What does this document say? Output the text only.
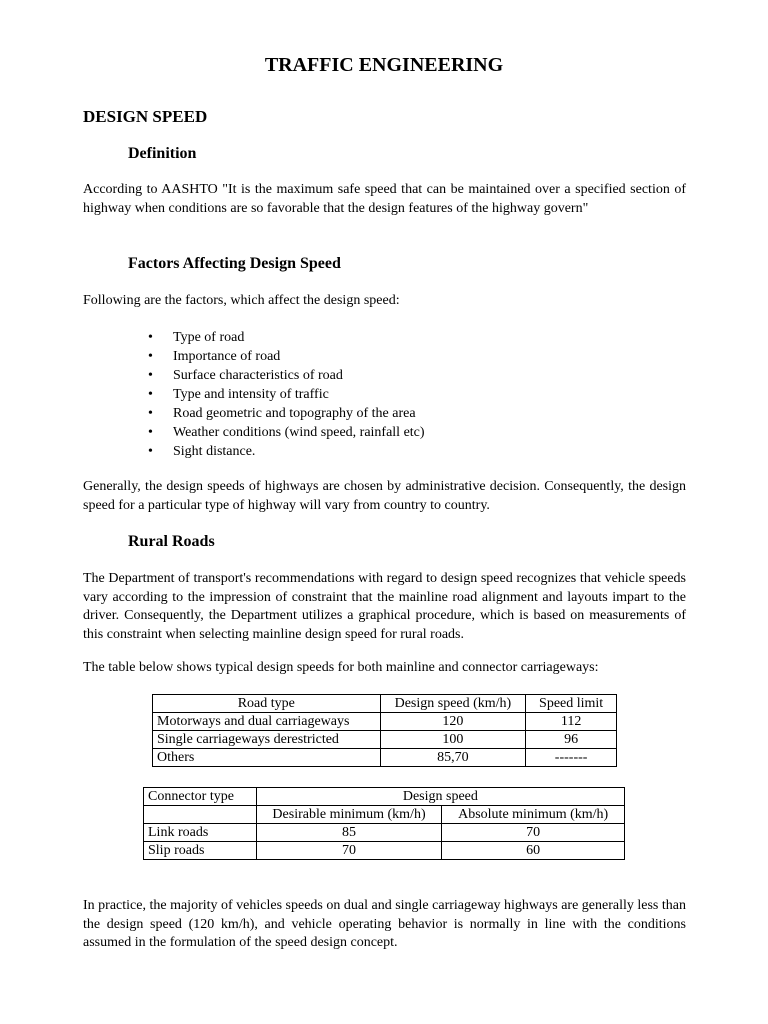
TRAFFIC ENGINEERING
DESIGN SPEED
Definition

According to AASHTO "It is the maximum safe speed that can be maintained over a specified section of highway when conditions are so favorable that the design features of the highway govern"

Factors Affecting Design Speed

Following are the factors, which affect the design speed:

• Type of road
• Importance of road
• Surface characteristics of road
• Type and intensity of traffic
• Road geometric and topography of the area
• Weather conditions (wind speed, rainfall etc)
• Sight distance.

Generally, the design speeds of highways are chosen by administrative decision. Consequently, the design speed for a particular type of highway will vary from country to country.

Rural Roads

The Department of transport's recommendations with regard to design speed recognizes that vehicle speeds vary according to the impression of constraint that the mainline road alignment and layouts impart to the driver. Consequently, the Department utilizes a graphical procedure, which is based on measurements of this constraint when selecting mainline design speed for rural roads.

The table below shows typical design speeds for both mainline and connector carriageways:

Road type	Design speed (km/h)	Speed limit
Motorways and dual carriageways	120	112
Single carriageways derestricted	100	96
Others	85,70	-------
Connector type	Design speed	
	Desirable minimum (km/h)	Absolute minimum (km/h)
Link roads	85	70
Slip roads	70	60

In practice, the majority of vehicles speeds on dual and single carriageway highways are generally less than the design speed (120 km/h), and vehicle operating behavior is normally in line with the conditions assumed in the formulation of the speed design concept.
